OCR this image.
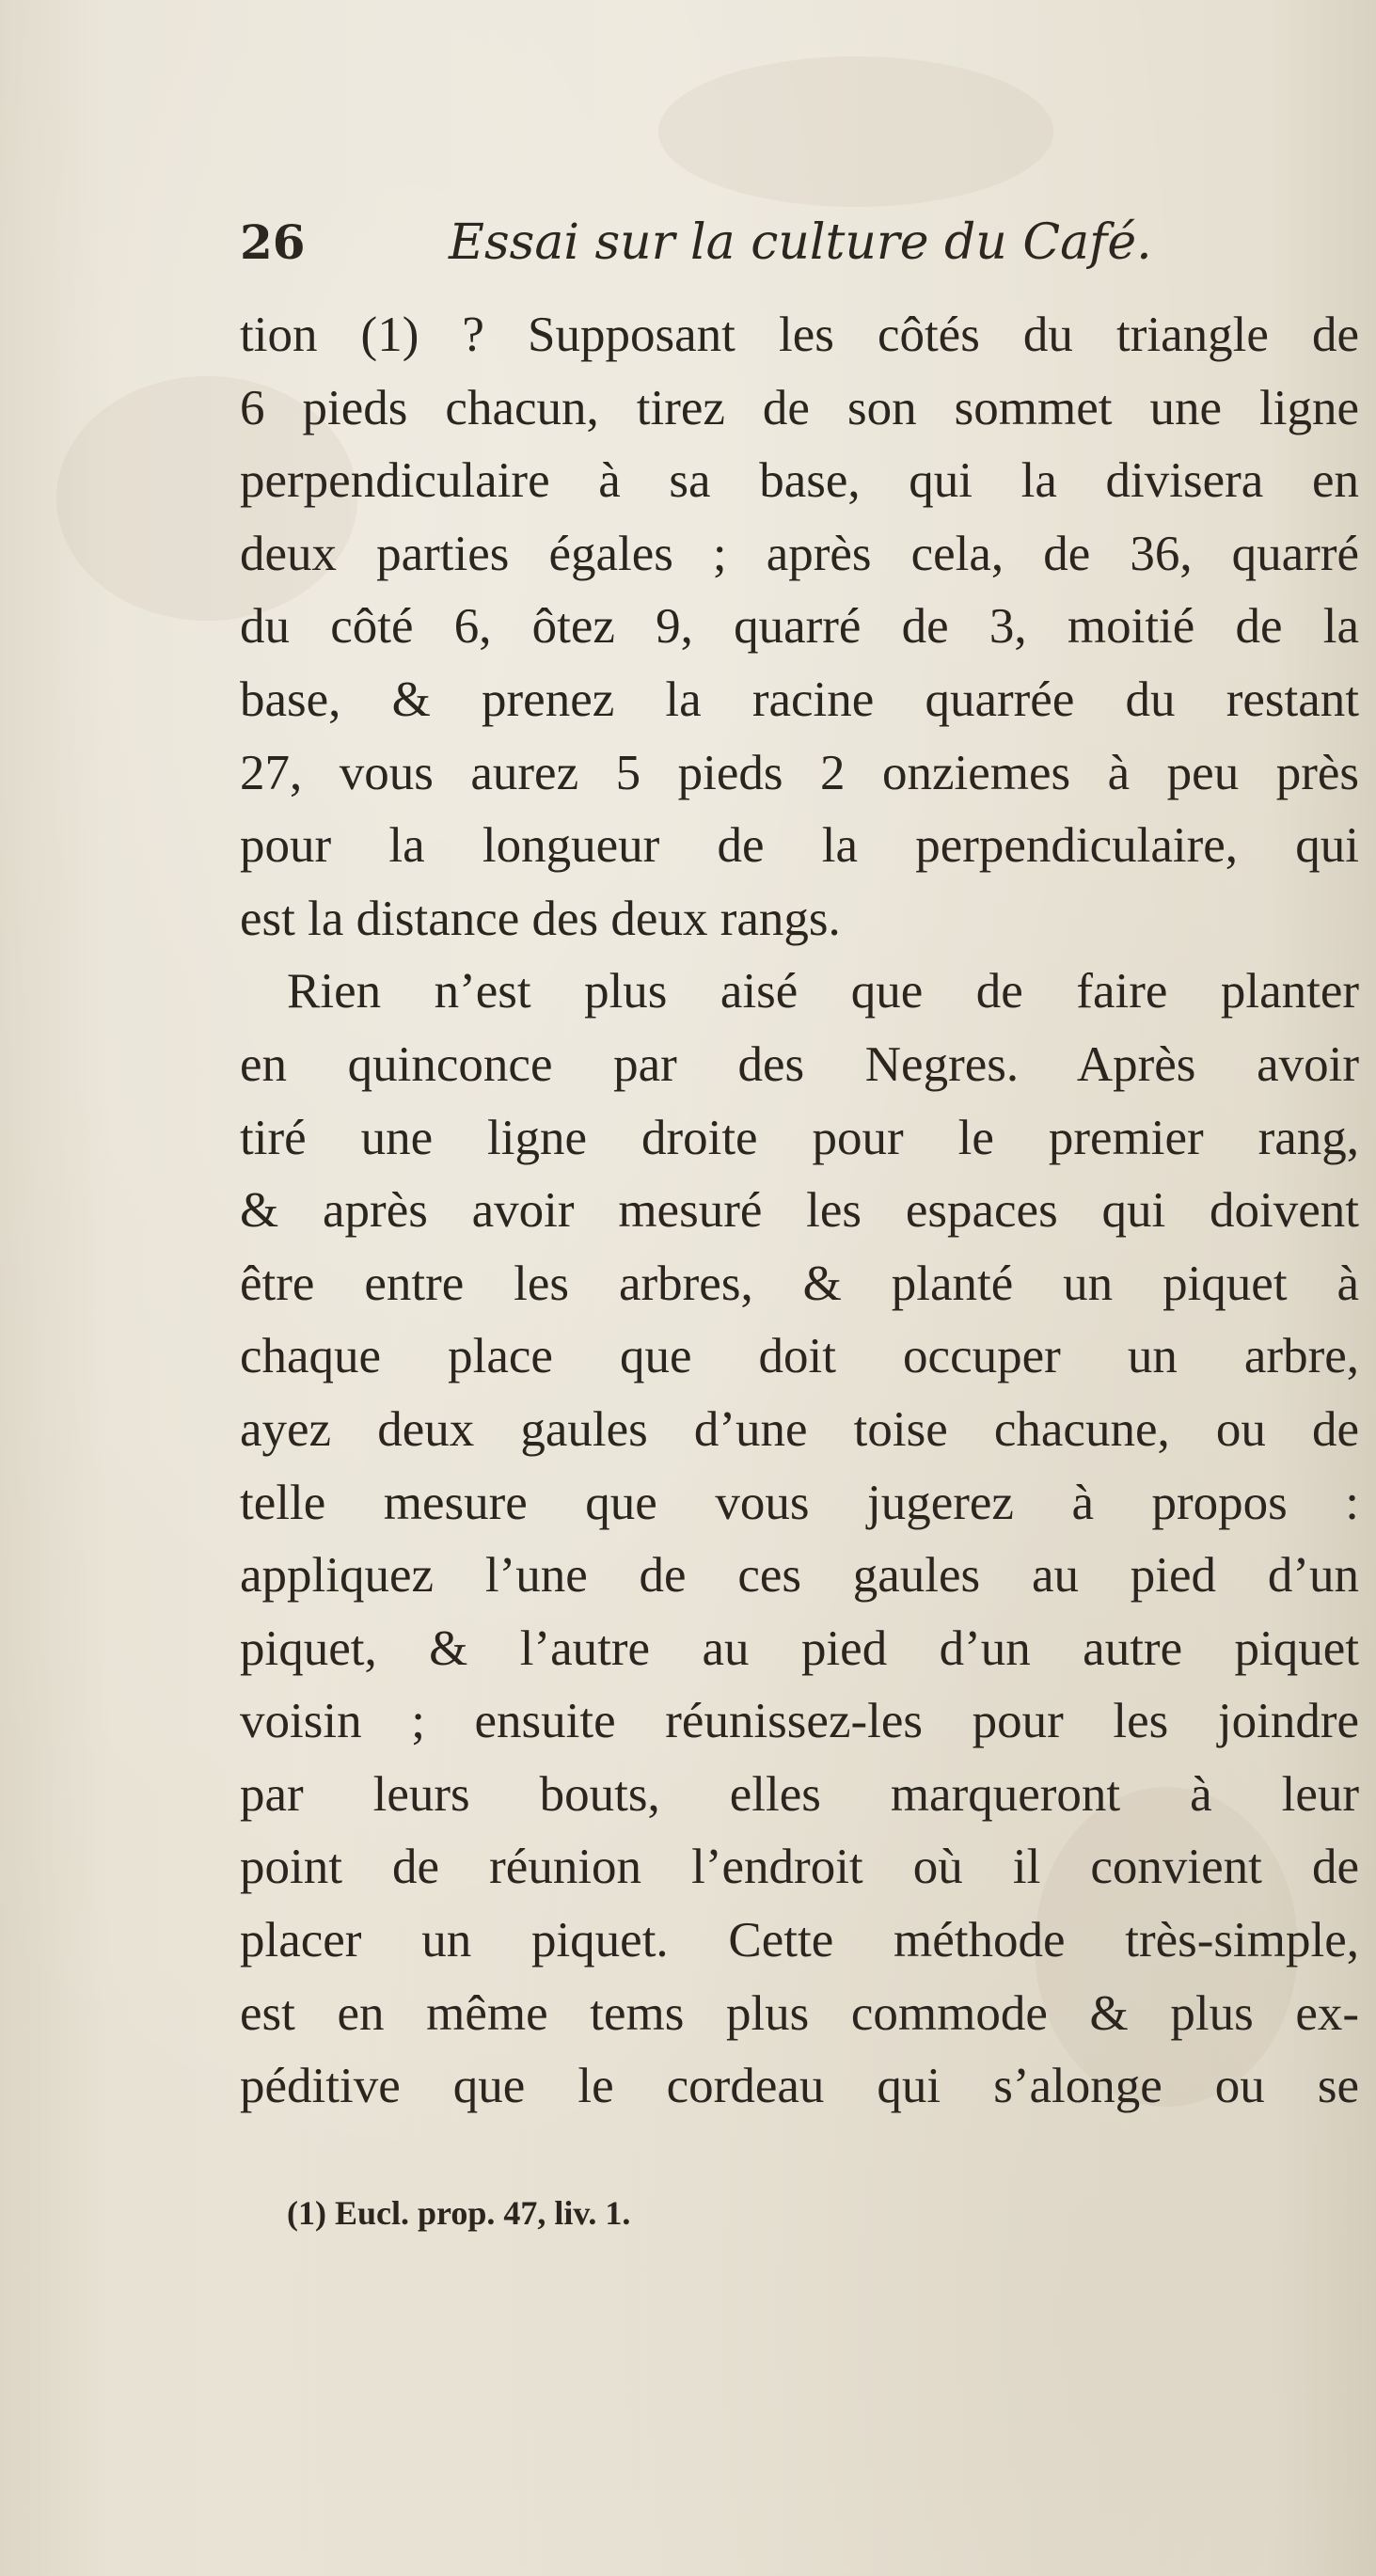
26	Essai sur la culture du Café.
tion (1) ? Supposant les côtés du triangle de
6 pieds chacun, tirez de son sommet une ligne
perpendiculaire à sa base, qui la divisera en
deux parties égales ; après cela, de 36, quarré
du côté 6, ôtez 9, quarré de 3, moitié de la
base, & prenez la racine quarrée du restant
27, vous aurez 5 pieds 2 onziemes à peu près
pour la longueur de la perpendiculaire, qui
est la distance des deux rangs.
Rien n’est plus aisé que de faire planter
en quinconce par des Negres. Après avoir
tiré une ligne droite pour le premier rang,
& après avoir mesuré les espaces qui doivent
être entre les arbres, & planté un piquet à
chaque place que doit occuper un arbre,
ayez deux gaules d’une toise chacune, ou de
telle mesure que vous jugerez à propos :
appliquez l’une de ces gaules au pied d’un
piquet, & l’autre au pied d’un autre piquet
voisin ; ensuite réunissez-les pour les joindre
par leurs bouts, elles marqueront à leur
point de réunion l’endroit où il convient de
placer un piquet. Cette méthode très-simple,
est en même tems plus commode & plus ex-
péditive que le cordeau qui s’alonge ou se
(1) Eucl. prop. 47, liv. 1.
